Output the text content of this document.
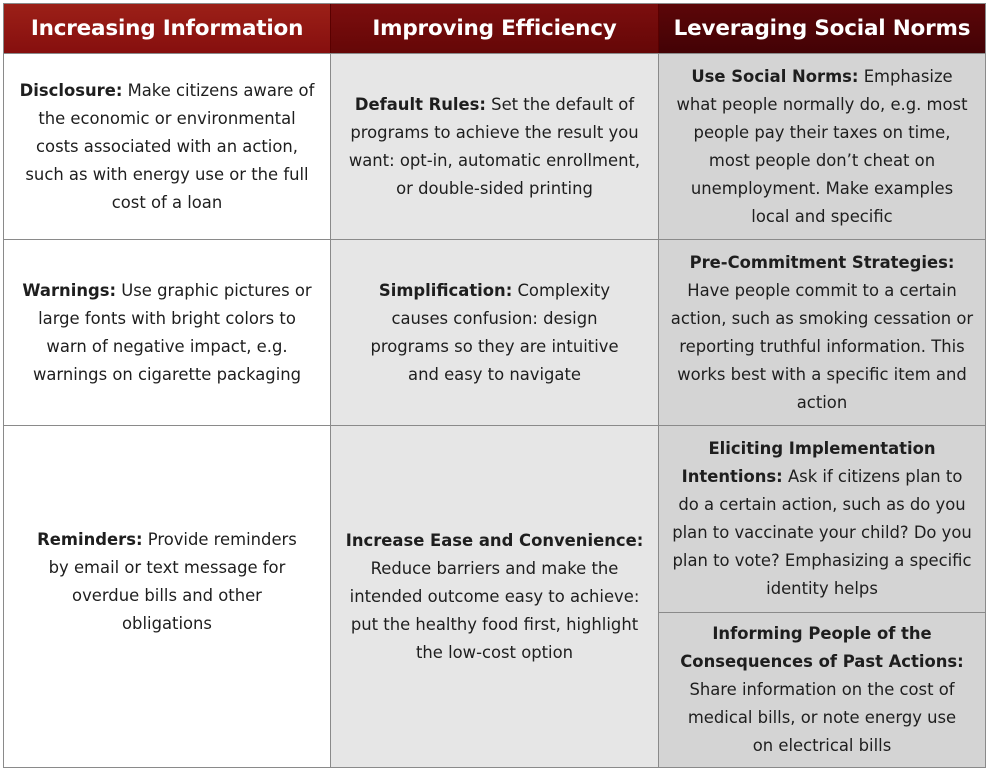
Increasing Information	Improving Efficiency	Leveraging Social Norms
Disclosure: Make citizens aware of the economic or environmental costs associated with an action, such as with energy use or the full cost of a loan
Default Rules: Set the default of programs to achieve the result you want: opt-in, automatic enrollment, or double-sided printing
Use Social Norms: Emphasize what people normally do, e.g. most people pay their taxes on time, most people don’t cheat on unemployment. Make examples local and specific
Warnings: Use graphic pictures or large fonts with bright colors to warn of negative impact, e.g. warnings on cigarette packaging
Simplification: Complexity causes confusion: design programs so they are intuitive and easy to navigate
Pre-Commitment Strategies: Have people commit to a certain action, such as smoking cessation or reporting truthful information. This works best with a specific item and action
Reminders: Provide reminders by email or text message for overdue bills and other obligations
Increase Ease and Convenience: Reduce barriers and make the intended outcome easy to achieve: put the healthy food first, highlight the low-cost option
Eliciting Implementation Intentions: Ask if citizens plan to do a certain action, such as do you plan to vaccinate your child? Do you plan to vote? Emphasizing a specific identity helps
Informing People of the Consequences of Past Actions: Share information on the cost of medical bills, or note energy use on electrical bills
